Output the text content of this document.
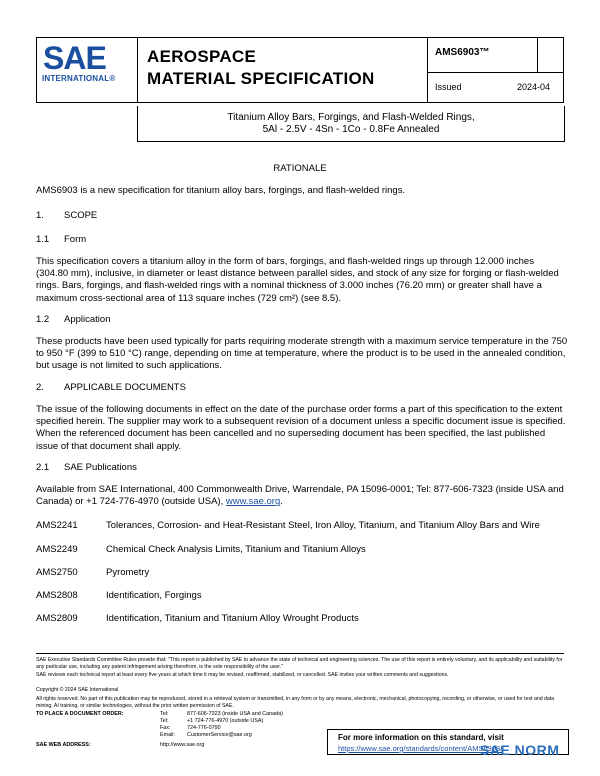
SAE
INTERNATIONAL®
AEROSPACE
MATERIAL SPECIFICATION
AMS6903™
Issued	2024-04
Titanium Alloy Bars, Forgings, and Flash-Welded Rings,
5Al - 2.5V - 4Sn - 1Co - 0.8Fe Annealed
RATIONALE
AMS6903 is a new specification for titanium alloy bars, forgings, and flash-welded rings.
1. SCOPE
1.1 Form
This specification covers a titanium alloy in the form of bars, forgings, and flash-welded rings up through 12.000 inches (304.80 mm), inclusive, in diameter or least distance between parallel sides, and stock of any size for forging or flash-welded rings. Bars, forgings, and flash-welded rings with a nominal thickness of 3.000 inches (76.20 mm) or greater shall have a maximum cross-sectional area of 113 square inches (729 cm²) (see 8.5).
1.2 Application
These products have been used typically for parts requiring moderate strength with a maximum service temperature in the 750 to 950 °F (399 to 510 °C) range, depending on time at temperature, where the product is to be used in the annealed condition, but usage is not limited to such applications.
2. APPLICABLE DOCUMENTS
The issue of the following documents in effect on the date of the purchase order forms a part of this specification to the extent specified herein. The supplier may work to a subsequent revision of a document unless a specific document issue is specified. When the referenced document has been cancelled and no superseding document has been specified, the last published issue of that document shall apply.
2.1 SAE Publications
Available from SAE International, 400 Commonwealth Drive, Warrendale, PA 15096-0001; Tel: 877-606-7323 (inside USA and Canada) or +1 724-776-4970 (outside USA), www.sae.org.
AMS2241	Tolerances, Corrosion- and Heat-Resistant Steel, Iron Alloy, Titanium, and Titanium Alloy Bars and Wire
AMS2249	Chemical Check Analysis Limits, Titanium and Titanium Alloys
AMS2750	Pyrometry
AMS2808	Identification, Forgings
AMS2809	Identification, Titanium and Titanium Alloy Wrought Products
SAE Executive Standards Committee Rules provide that: "This report is published by SAE to advance the state of technical and engineering sciences. The use of this report is entirely voluntary, and its applicability and suitability for any particular use, including any patent infringement arising therefrom, is the sole responsibility of the user."
SAE reviews each technical report at least every five years at which time it may be revised, reaffirmed, stabilized, or cancelled. SAE invites your written comments and suggestions.
Copyright © 2024 SAE International
All rights reserved. No part of this publication may be reproduced, stored in a retrieval system or transmitted, in any form or by any means, electronic, mechanical, photocopying, recording, or otherwise, or used for text and data mining, AI training, or similar technologies, without the prior written permission of SAE.
TO PLACE A DOCUMENT ORDER:	Tel:	877-606-7323 (inside USA and Canada)
Tel:	+1 724-776-4970 (outside USA)
Fax:	724-776-0790
Email: CustomerService@sae.org
SAE WEB ADDRESS:	http://www.sae.org
For more information on this standard, visit
https://www.sae.org/standards/content/AMS6903/
SAE NORM
